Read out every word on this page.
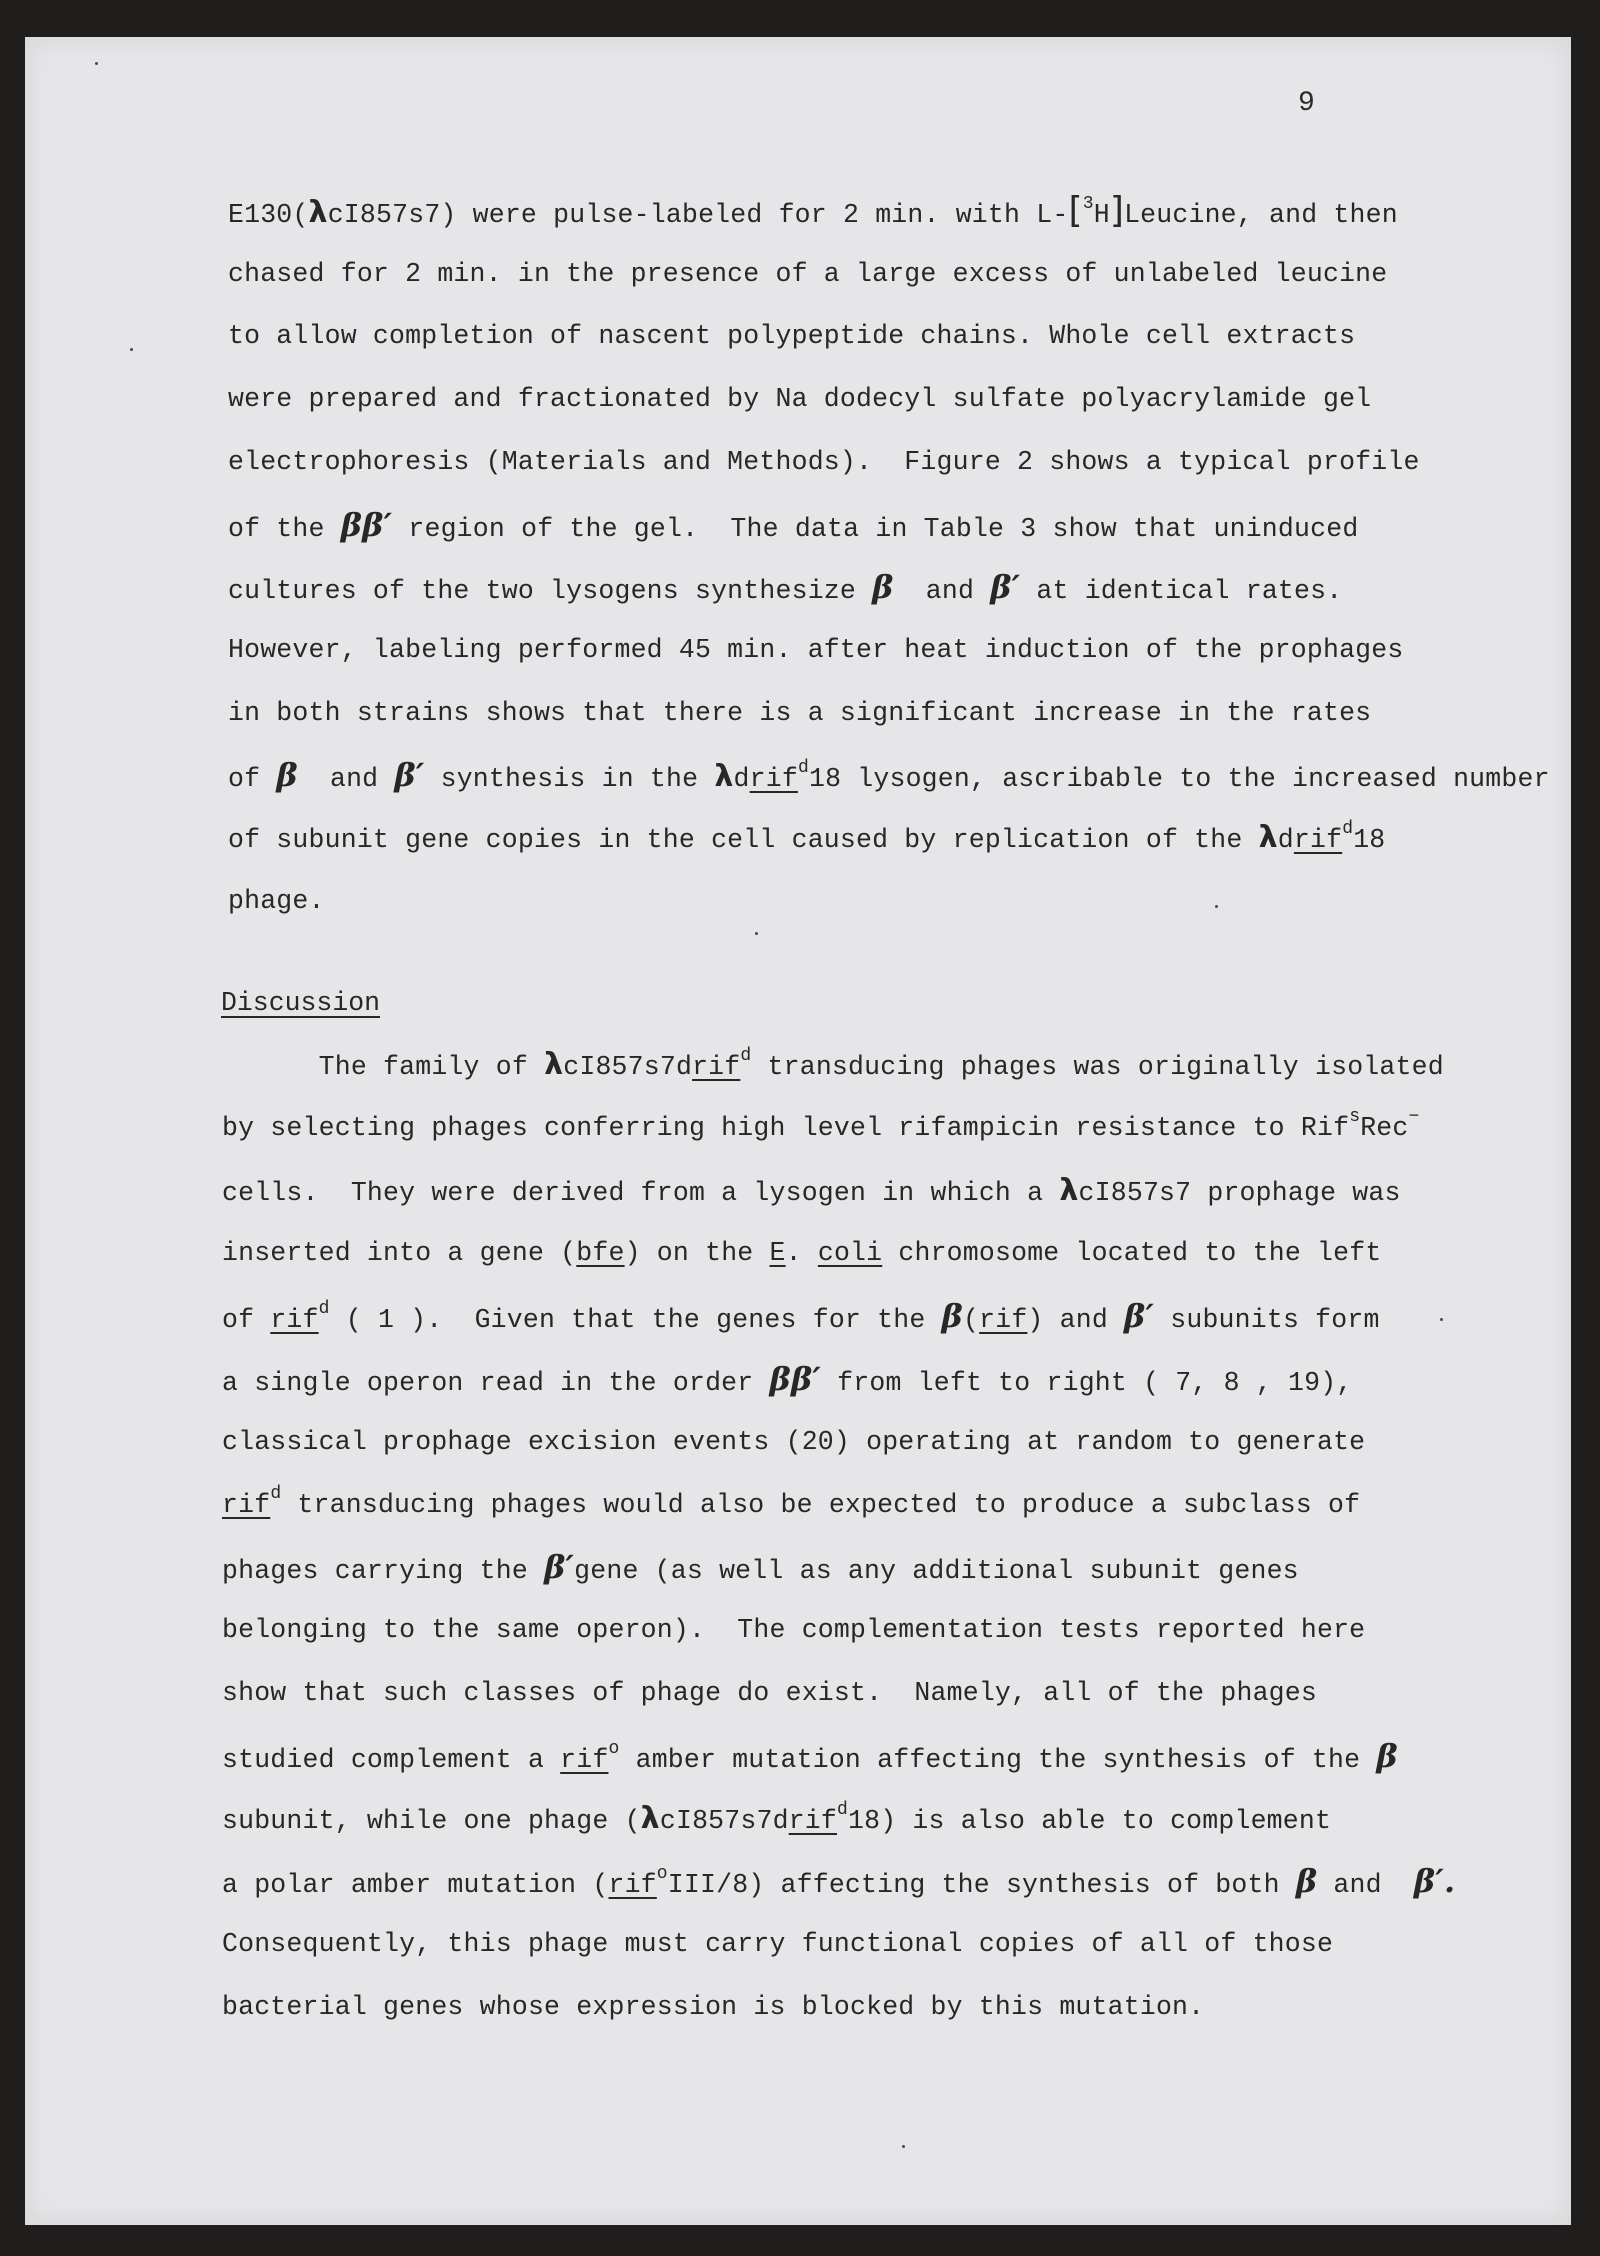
9
E130(λcI857s7) were pulse-labeled for 2 min. with L-[$^3$H]Leucine, and then
chased for 2 min. in the presence of a large excess of unlabeled leucine
to allow completion of nascent polypeptide chains. Whole cell extracts
were prepared and fractionated by Na dodecyl sulfate polyacrylamide gel
electrophoresis (Materials and Methods).  Figure 2 shows a typical profile
of the ββ′ region of the gel.  The data in Table 3 show that uninduced
cultures of the two lysogens synthesize β  and β′ at identical rates.
However, labeling performed 45 min. after heat induction of the prophages
in both strains shows that there is a significant increase in the rates
of β  and β′ synthesis in the λdrif$^d$18 lysogen, ascribable to the increased number
of subunit gene copies in the cell caused by replication of the λdrif$^d$18
phage.
Discussion
The family of λcI857s7drif$^d$ transducing phages was originally isolated
by selecting phages conferring high level rifampicin resistance to Rif$^s$Rec−
cells.  They were derived from a lysogen in which a λcI857s7 prophage was
inserted into a gene (bfe) on the E. coli chromosome located to the left
of rif$^d$ ( 1 ).  Given that the genes for the β(rif) and β′ subunits form
a single operon read in the order ββ′ from left to right ( 7, 8 , 19),
classical prophage excision events (20) operating at random to generate
rif$^d$ transducing phages would also be expected to produce a subclass of
phages carrying the β′gene (as well as any additional subunit genes
belonging to the same operon).  The complementation tests reported here
show that such classes of phage do exist.  Namely, all of the phages
studied complement a rif$^o$ amber mutation affecting the synthesis of the β
subunit, while one phage (λcI857s7drif$^d$18) is also able to complement
a polar amber mutation (rif$^o$III/8) affecting the synthesis of both β and  β′.
Consequently, this phage must carry functional copies of all of those
bacterial genes whose expression is blocked by this mutation.
